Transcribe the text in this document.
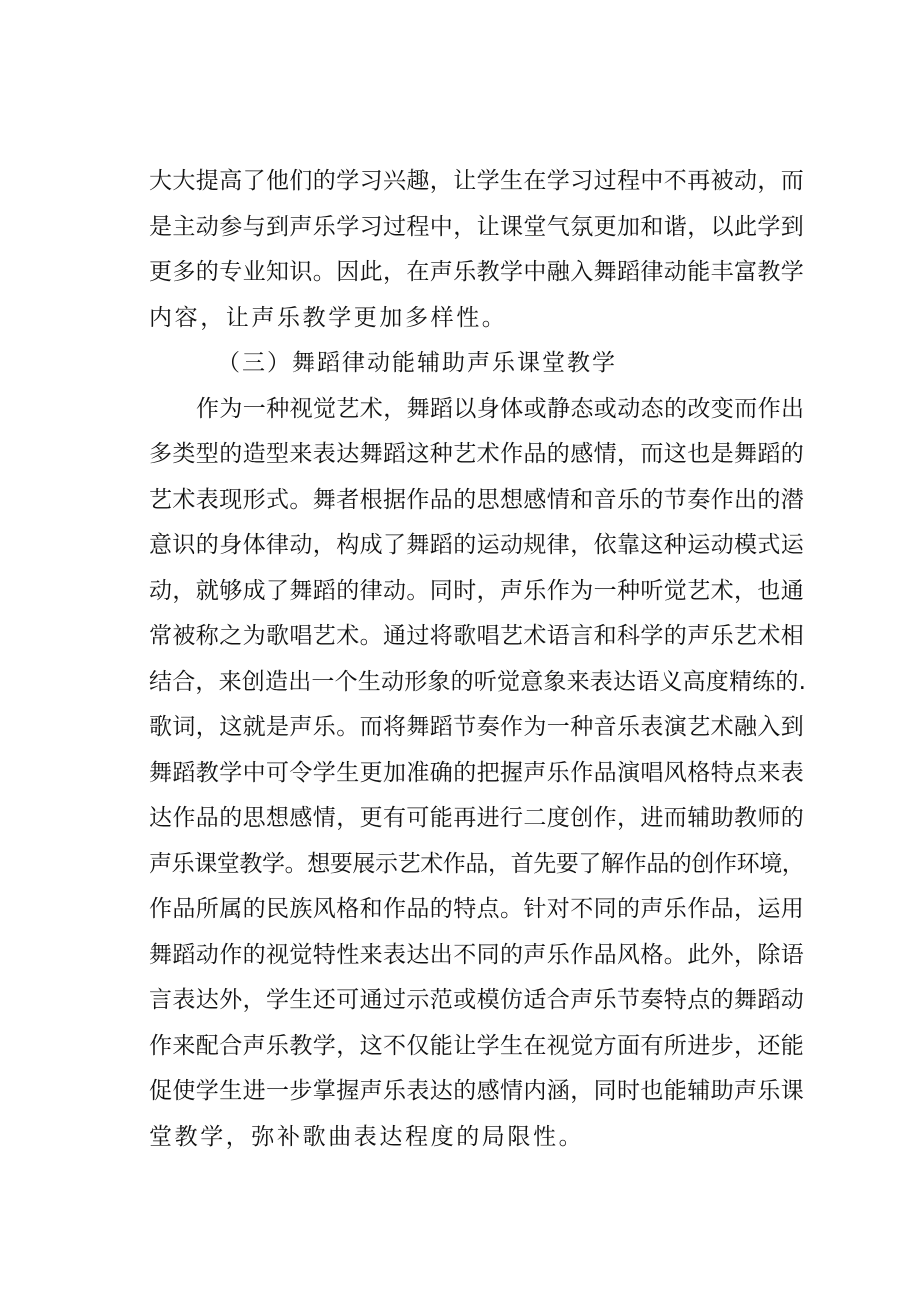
大大提高了他们的学习兴趣，让学生在学习过程中不再被动，而
是主动参与到声乐学习过程中，让课堂气氛更加和谐，以此学到
更多的专业知识。因此，在声乐教学中融入舞蹈律动能丰富教学
内容，让声乐教学更加多样性。
（三）舞蹈律动能辅助声乐课堂教学
作为一种视觉艺术，舞蹈以身体或静态或动态的改变而作出
多类型的造型来表达舞蹈这种艺术作品的感情，而这也是舞蹈的
艺术表现形式。舞者根据作品的思想感情和音乐的节奏作出的潜
意识的身体律动，构成了舞蹈的运动规律，依靠这种运动模式运
动，就够成了舞蹈的律动。同时，声乐作为一种听觉艺术，也通
常被称之为歌唱艺术。通过将歌唱艺术语言和科学的声乐艺术相
结合，来创造出一个生动形象的听觉意象来表达语义高度精练的.
歌词，这就是声乐。而将舞蹈节奏作为一种音乐表演艺术融入到
舞蹈教学中可令学生更加准确的把握声乐作品演唱风格特点来表
达作品的思想感情，更有可能再进行二度创作，进而辅助教师的
声乐课堂教学。想要展示艺术作品，首先要了解作品的创作环境，
作品所属的民族风格和作品的特点。针对不同的声乐作品，运用
舞蹈动作的视觉特性来表达出不同的声乐作品风格。此外，除语
言表达外，学生还可通过示范或模仿适合声乐节奏特点的舞蹈动
作来配合声乐教学，这不仅能让学生在视觉方面有所进步，还能
促使学生进一步掌握声乐表达的感情内涵，同时也能辅助声乐课
堂教学，弥补歌曲表达程度的局限性。
